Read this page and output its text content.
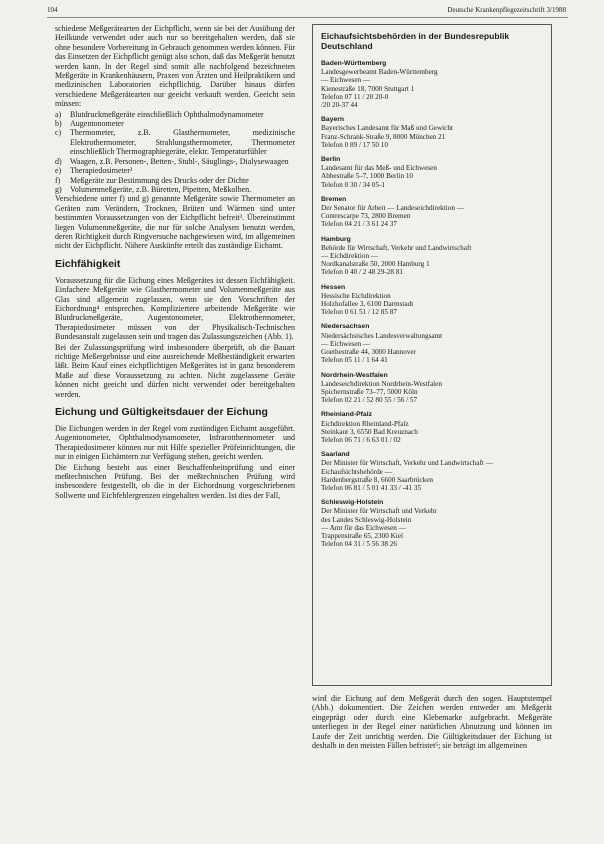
104	Deutsche Krankenpflegezeitschrift 3/1988

schiedene Meßgerätearten der Eichpflicht, wenn sie bei der Ausübung der Heilkunde verwendet oder auch nur so bereitgehalten werden, daß sie ohne besondere Vorbereitung in Gebrauch genommen werden können. Für das Einsetzen der Eichpflicht genügt also schon, daß das Meßgerät benutzt werden kann. In der Regel sind somit alle nachfolgend bezeichneten Meßgeräte in Krankenhäusern, Praxen von Ärzten und Heilpraktikern und medizinischen Laboratorien eichpflichtig. Darüber hinaus dürfen verschiedene Meßgerätearten nur geeicht verkauft werden. Geeicht sein müssen:

a) Blutdruckmeßgeräte einschließlich Ophthalmodynamometer
b) Augentonometer
c) Thermometer, z.B. Glasthermometer, medizinische Elektrothermometer, Strahlungsthermometer, Thermometer einschließlich Thermographiegeräte, elektr. Temperaturfühler
d) Waagen, z.B. Personen-, Betten-, Stuhl-, Säuglings-, Dialysewaagen
e) Therapiedosimeter²
f) Meßgeräte zur Bestimmung des Drucks oder der Dichte
g) Volumenmeßgeräte, z.B. Büretten, Pipetten, Meßkolben.

Verschiedene unter f) und g) genannte Meßgeräte sowie Thermometer an Geräten zum Verändern, Trocknen, Brüten und Wärmen sind unter bestimmten Voraussetzungen von der Eichpflicht befreit³. Übereinstimmt liegen Volumenmeßgeräte, die nur für solche Analysen benutzt werden, deren Richtigkeit durch Ringversuche nachgewiesen wird, im allgemeinen nicht der Eichpflicht. Nähere Auskünfte erteilt das zuständige Eichamt.

Eichfähigkeit

Voraussetzung für die Eichung eines Meßgerätes ist dessen Eichfähigkeit. Einfachere Meßgeräte wie Glasthermometer und Volumenmeßgeräte aus Glas sind allgemein zugelassen, wenn sie den Vorschriften der Eichordnung⁴ entsprechen. Kompliziertere arbeitende Meßgeräte wie Blutdruckmeßgeräte, Augentonometer, Elektrothermometer, Therapiedosimeter müssen von der Physikalisch-Technischen Bundesanstalt zugelassen sein und tragen das Zulassungszeichen (Abb. 1).

Bei der Zulassungsprüfung wird insbesondere überprüft, ob die Bauart richtige Meßergebnisse und eine ausreichende Meßbeständigkeit erwarten läßt. Beim Kauf eines eichpflichtigen Meßgerätes ist in ganz besonderem Maße auf diese Voraussetzung zu achten. Nicht zugelassene Geräte können nicht geeicht und dürfen nicht verwendet oder bereitgehalten werden.

Eichung und Gültigkeitsdauer der Eichung

Die Eichungen werden in der Regel vom zuständigen Eichamt ausgeführt. Augentonometer, Ophthalmodynamometer, Infrarotthermometer und Therapiedosimeter können nur mit Hilfe spezieller Prüfeinrichtungen, die nur in einigen Eichämtern zur Verfügung stehen, geeicht werden.

Die Eichung besteht aus einer Beschaffenheitsprüfung und einer meßtechnischen Prüfung. Bei der meßtechnischen Prüfung wird insbesondere festgestellt, ob die in der Eichordnung vorgeschriebenen Sollwerte und Eichfehlergrenzen eingehalten werden. Ist dies der Fall,

Eichaufsichtsbehörden in der Bundesrepublik Deutschland
Baden-Württemberg
Landesgewerbeamt Baden-Württemberg
— Eichwesen —
Kienestraße 18, 7000 Stuttgart 1
Telefon 07 11 / 20 20-0
/20 20-37 44
Bayern
Bayerisches Landesamt für Maß und Gewicht
Franz-Schrank-Straße 9, 8000 München 21
Telefon 0 89 / 17 50 10
Berlin
Landesamt für das Meß- und Eichwesen
Abbestraße 5–7, 1000 Berlin 10
Telefon 0 30 / 34 05-1
Bremen
Der Senator für Arbeit — Landeseichdirektion —
Contrescarpe 73, 2800 Bremen
Telefon 04 21 / 3 61 24 37
Hamburg
Behörde für Wirtschaft, Verkehr und Landwirtschaft
— Eichdirektion —
Nordkanalstraße 50, 2000 Hamburg 1
Telefon 0 40 / 2 48 29-28 81
Hessen
Hessische Eichdirektion
Holzhofallee 3, 6100 Darmstadt
Telefon 0 61 51 / 12 85 87
Niedersachsen
Niedersächsisches Landesverwaltungsamt
— Eichwesen —
Goethestraße 44, 3000 Hannover
Telefon 05 11 / 1 64 41
Nordrhein-Westfalen
Landeseichdirektion Nordrhein-Westfalen
Spichernstraße 73–77, 5000 Köln
Telefon 02 21 / 52 80 55 / 56 / 57
Rheinland-Pfalz
Eichdirektion Rheinland-Pfalz
Steinkaut 3, 6550 Bad Kreuznach
Telefon 06 71 / 6 63 01 / 02
Saarland
Der Minister für Wirtschaft, Verkehr und Landwirtschaft — Eichaufsichtsbehörde —
Hardenbergstraße 8, 6600 Saarbrücken
Telefon 06 81 / 5 01 41 33 / -41 35
Schleswig-Holstein
Der Minister für Wirtschaft und Verkehr
des Landes Schleswig-Holstein
— Amt für das Eichwesen —
Trappenstraße 65, 2300 Kiel
Telefon 04 31 / 5 56 38 26

wird die Eichung auf dem Meßgerät durch den sogen. Hauptstempel (Abb.) dokumentiert. Die Zeichen werden entweder am Meßgerät eingeprägt oder durch eine Klebemarke aufgebracht. Meßgeräte unterliegen in der Regel einer natürlichen Abnutzung und können im Laufe der Zeit unrichtig werden. Die Gültigkeitsdauer der Eichung ist deshalb in den meisten Fällen befristet⁵; sie beträgt im allgemeinen
